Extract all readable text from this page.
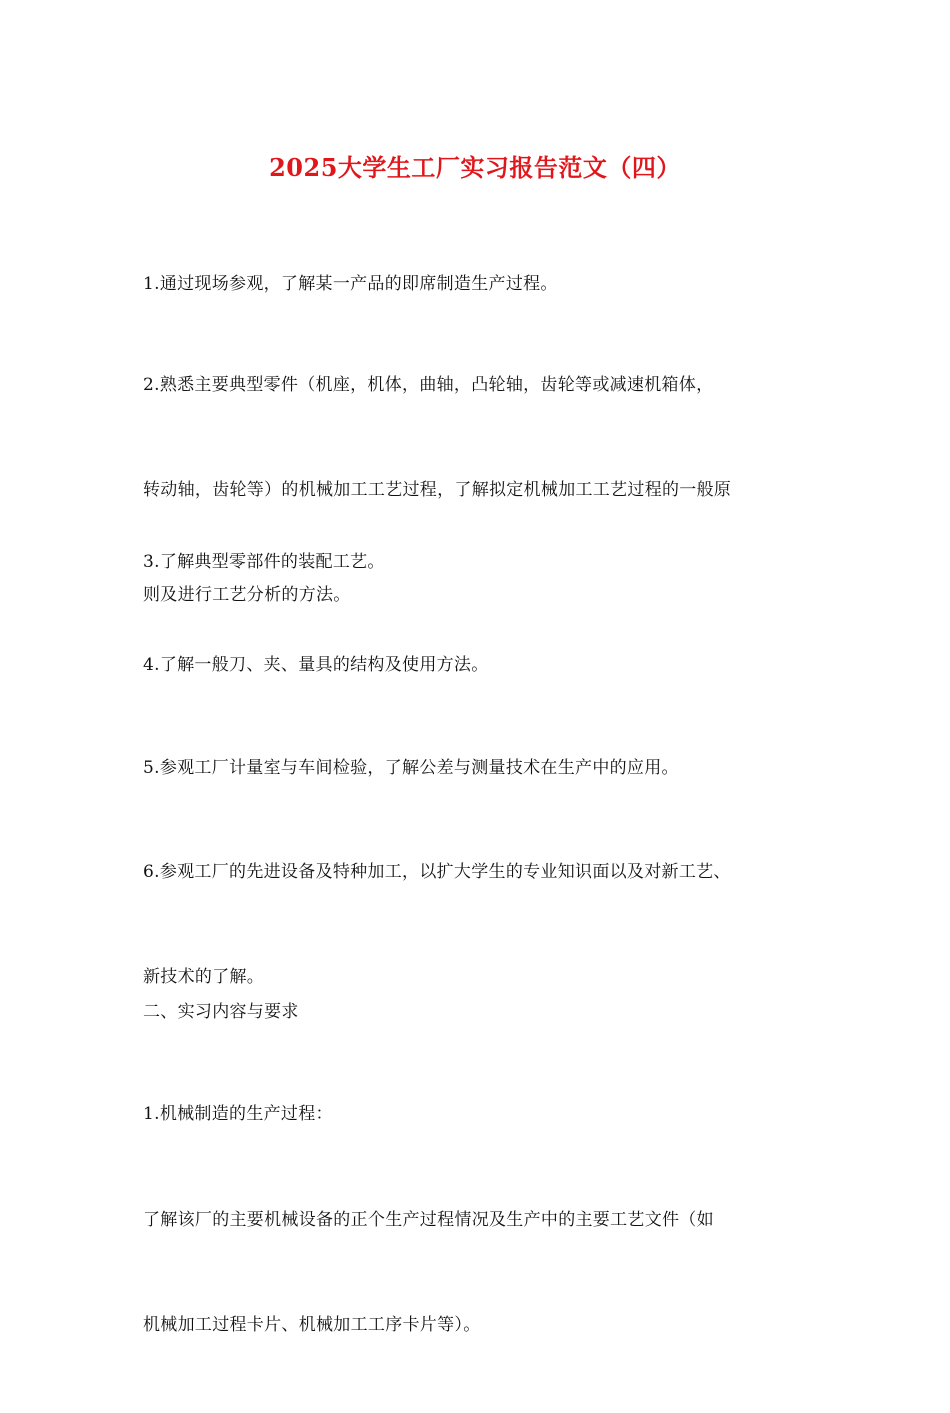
2025大学生工厂实习报告范文（四）

1.通过现场参观，了解某一产品的即席制造生产过程。

2.熟悉主要典型零件（机座，机体，曲轴，凸轮轴，齿轮等或减速机箱体，

转动轴，齿轮等）的机械加工工艺过程，了解拟定机械加工工艺过程的一般原

则及进行工艺分析的方法。

3.了解典型零部件的装配工艺。

4.了解一般刀、夹、量具的结构及使用方法。

5.参观工厂计量室与车间检验，了解公差与测量技术在生产中的应用。

6.参观工厂的先进设备及特种加工，以扩大学生的专业知识面以及对新工艺、

新技术的了解。

二、实习内容与要求

1.机械制造的生产过程：

了解该厂的主要机械设备的正个生产过程情况及生产中的主要工艺文件（如

机械加工过程卡片、机械加工工序卡片等）。
